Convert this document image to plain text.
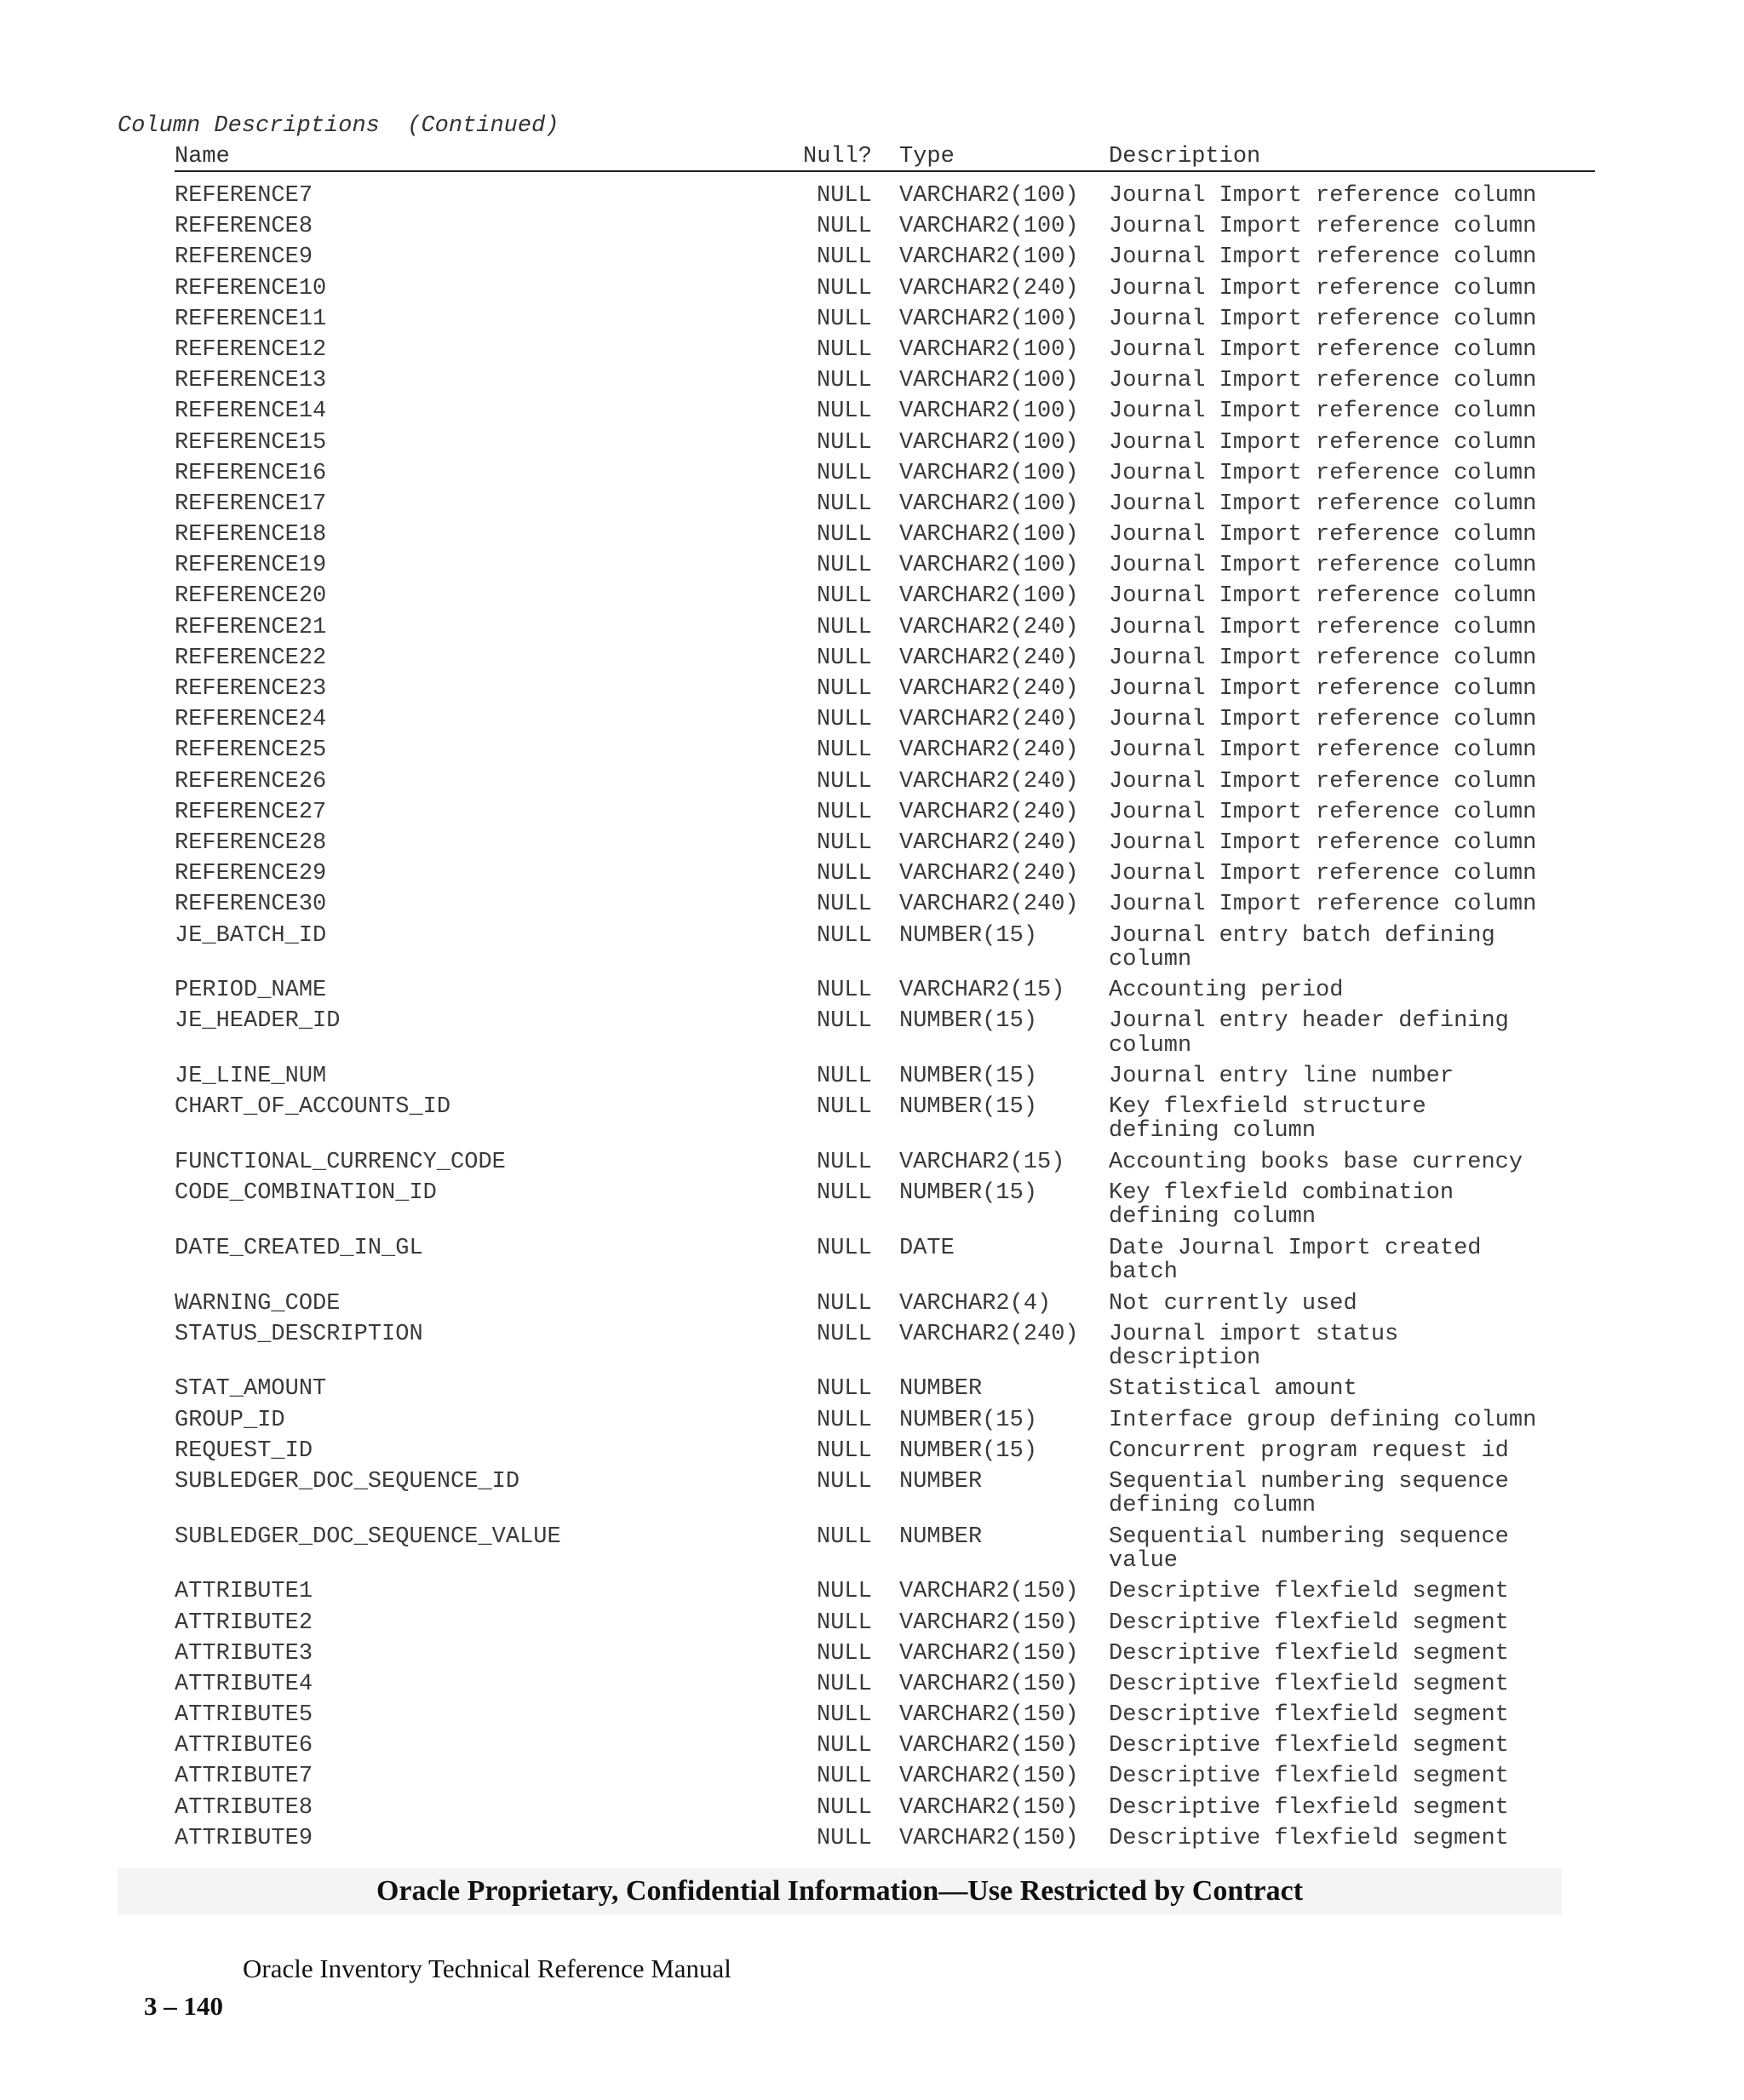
Column Descriptions  (Continued)
Name	Null? Type	Description
REFERENCE7	NULL VARCHAR2(100) Journal Import reference column
REFERENCE8	NULL VARCHAR2(100) Journal Import reference column
REFERENCE9	NULL VARCHAR2(100) Journal Import reference column
REFERENCE10	NULL VARCHAR2(240) Journal Import reference column
REFERENCE11	NULL VARCHAR2(100) Journal Import reference column
REFERENCE12	NULL VARCHAR2(100) Journal Import reference column
REFERENCE13	NULL VARCHAR2(100) Journal Import reference column
REFERENCE14	NULL VARCHAR2(100) Journal Import reference column
REFERENCE15	NULL VARCHAR2(100) Journal Import reference column
REFERENCE16	NULL VARCHAR2(100) Journal Import reference column
REFERENCE17	NULL VARCHAR2(100) Journal Import reference column
REFERENCE18	NULL VARCHAR2(100) Journal Import reference column
REFERENCE19	NULL VARCHAR2(100) Journal Import reference column
REFERENCE20	NULL VARCHAR2(100) Journal Import reference column
REFERENCE21	NULL VARCHAR2(240) Journal Import reference column
REFERENCE22	NULL VARCHAR2(240) Journal Import reference column
REFERENCE23	NULL VARCHAR2(240) Journal Import reference column
REFERENCE24	NULL VARCHAR2(240) Journal Import reference column
REFERENCE25	NULL VARCHAR2(240) Journal Import reference column
REFERENCE26	NULL VARCHAR2(240) Journal Import reference column
REFERENCE27	NULL VARCHAR2(240) Journal Import reference column
REFERENCE28	NULL VARCHAR2(240) Journal Import reference column
REFERENCE29	NULL VARCHAR2(240) Journal Import reference column
REFERENCE30	NULL VARCHAR2(240) Journal Import reference column
JE_BATCH_ID	NULL NUMBER(15)	Journal entry batch defining
column
PERIOD_NAME	NULL VARCHAR2(15) Accounting period
JE_HEADER_ID	NULL NUMBER(15)	Journal entry header defining
column
JE_LINE_NUM	NULL NUMBER(15)	Journal entry line number
CHART_OF_ACCOUNTS_ID	NULL NUMBER(15)	Key flexfield structure
defining column
FUNCTIONAL_CURRENCY_CODE	NULL VARCHAR2(15) Accounting books base currency
CODE_COMBINATION_ID	NULL NUMBER(15)	Key flexfield combination
defining column
DATE_CREATED_IN_GL	NULL DATE	Date Journal Import created
batch
WARNING_CODE	NULL VARCHAR2(4)	Not currently used
STATUS_DESCRIPTION	NULL VARCHAR2(240) Journal import status
description
STAT_AMOUNT	NULL NUMBER	Statistical amount
GROUP_ID	NULL NUMBER(15)	Interface group defining column
REQUEST_ID	NULL NUMBER(15)	Concurrent program request id
SUBLEDGER_DOC_SEQUENCE_ID	NULL NUMBER	Sequential numbering sequence
defining column
SUBLEDGER_DOC_SEQUENCE_VALUE	NULL NUMBER	Sequential numbering sequence
value
ATTRIBUTE1	NULL VARCHAR2(150) Descriptive flexfield segment
ATTRIBUTE2	NULL VARCHAR2(150) Descriptive flexfield segment
ATTRIBUTE3	NULL VARCHAR2(150) Descriptive flexfield segment
ATTRIBUTE4	NULL VARCHAR2(150) Descriptive flexfield segment
ATTRIBUTE5	NULL VARCHAR2(150) Descriptive flexfield segment
ATTRIBUTE6	NULL VARCHAR2(150) Descriptive flexfield segment
ATTRIBUTE7	NULL VARCHAR2(150) Descriptive flexfield segment
ATTRIBUTE8	NULL VARCHAR2(150) Descriptive flexfield segment
ATTRIBUTE9	NULL VARCHAR2(150) Descriptive flexfield segment
Oracle Proprietary, Confidential Information––Use Restricted by Contract

3 – 140

Oracle Inventory Technical Reference Manual
